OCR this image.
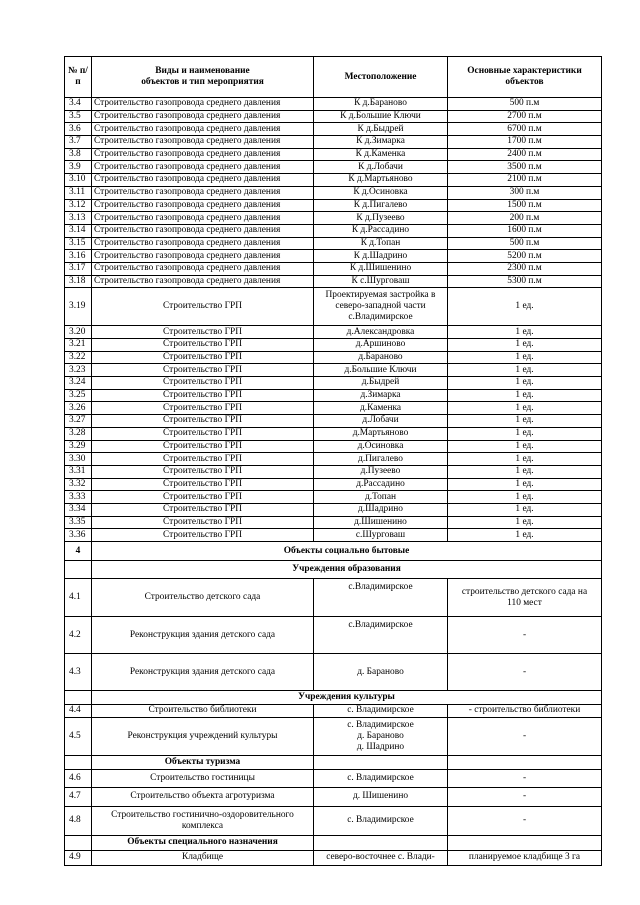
№ п/п	Виды и наименование
объектов и тип мероприятия	Местоположение	Основные характеристики
объектов
3.4	Строительство газопровода среднего давления	К д.Бараново	500 п.м
3.5	Строительство газопровода среднего давления	К д.Большие Ключи	2700 п.м
3.6	Строительство газопровода среднего давления	К д.Быдрей	6700 п.м
3.7	Строительство газопровода среднего давления	К д.Зимарка	1700 п.м
3.8	Строительство газопровода среднего давления	К д.Каменка	2400 п.м
3.9	Строительство газопровода среднего давления	К д.Лобачи	3500 п.м
3.10	Строительство газопровода среднего давления	К д.Мартьяново	2100 п.м
3.11	Строительство газопровода среднего давления	К д.Осиновка	300 п.м
3.12	Строительство газопровода среднего давления	К д.Пигалево	1500 п.м
3.13	Строительство газопровода среднего давления	К д.Пузеево	200 п.м
3.14	Строительство газопровода среднего давления	К д.Рассадино	1600 п.м
3.15	Строительство газопровода среднего давления	К д.Топан	500 п.м
3.16	Строительство газопровода среднего давления	К д.Шадрино	5200 п.м
3.17	Строительство газопровода среднего давления	К д.Шишенино	2300 п.м
3.18	Строительство газопровода среднего давления	К с.Шурговаш	5300 п.м
3.19	Строительство ГРП	Проектируемая застройка в
северо-западной части
с.Владимирское	1 ед.
3.20	Строительство ГРП	д.Александровка	1 ед.
3.21	Строительство ГРП	д.Аршиново	1 ед.
3.22	Строительство ГРП	д.Бараново	1 ед.
3.23	Строительство ГРП	д.Большие Ключи	1 ед.
3.24	Строительство ГРП	д.Быдрей	1 ед.
3.25	Строительство ГРП	д.Зимарка	1 ед.
3.26	Строительство ГРП	д.Каменка	1 ед.
3.27	Строительство ГРП	д.Лобачи	1 ед.
3.28	Строительство ГРП	д.Мартьяново	1 ед.
3.29	Строительство ГРП	д.Осиновка	1 ед.
3.30	Строительство ГРП	д.Пигалево	1 ед.
3.31	Строительство ГРП	д.Пузеево	1 ед.
3.32	Строительство ГРП	д.Рассадино	1 ед.
3.33	Строительство ГРП	д.Топан	1 ед.
3.34	Строительство ГРП	д.Шадрино	1 ед.
3.35	Строительство ГРП	д.Шишенино	1 ед.
3.36	Строительство ГРП	с.Шурговаш	1 ед.
4	Объекты социально бытовые		
	Учреждения образования		
4.1	Строительство детского сада	с.Владимирское	строительство детского сада на
110 мест
4.2	Реконструкция здания детского сада	с.Владимирское	-
4.3	Реконструкция здания детского сада	д. Бараново	-
	Учреждения культуры		
4.4	Строительство библиотеки	с. Владимирское	- строительство библиотеки
4.5	Реконструкция учреждений культуры	с. Владимирское
д. Бараново
д. Шадрино	-
	Объекты туризма		
4.6	Строительство гостиницы	с. Владимирское	-
4.7	Строительство объекта агротуризма	д. Шишенино	-
4.8	Строительство гостинично-оздоровительного
комплекса	с. Владимирское	-
	Объекты специального назначения		
4.9	Кладбище	северо-восточнее с. Влади-	планируемое кладбище 3 га
